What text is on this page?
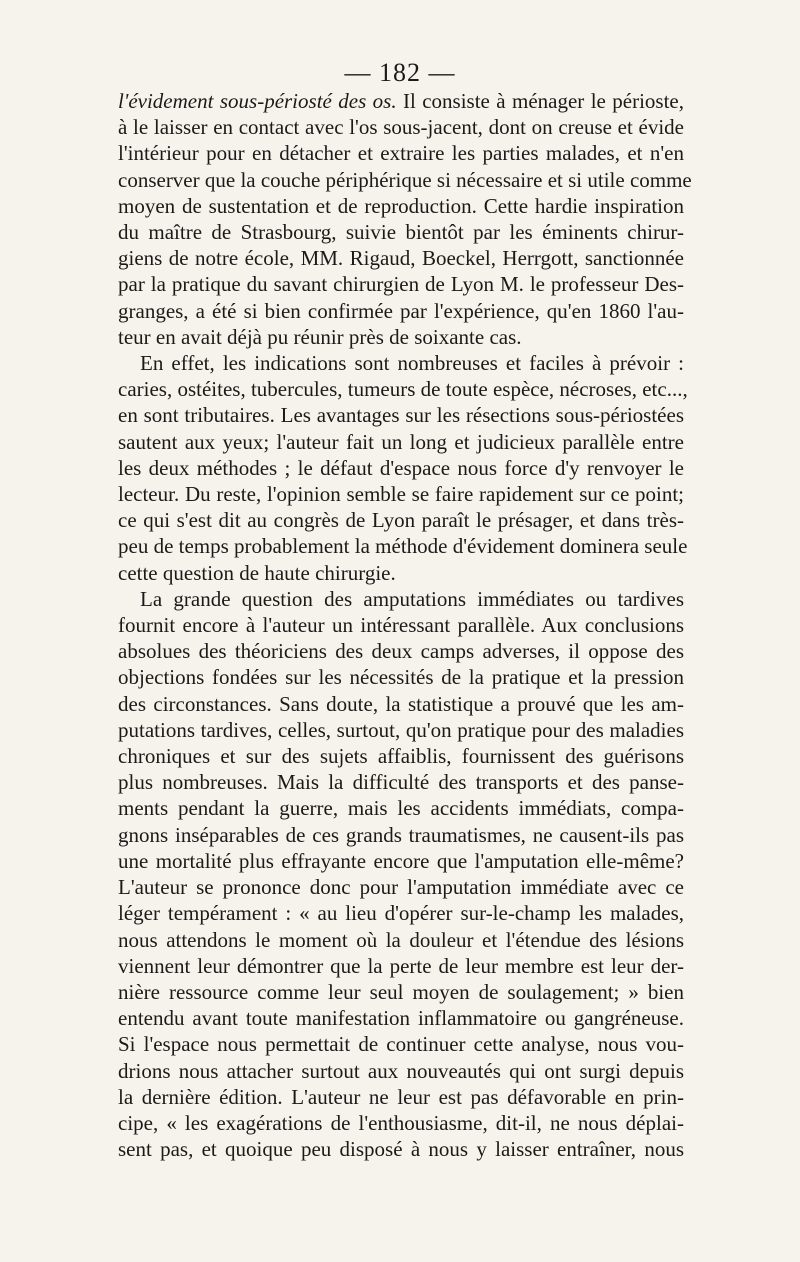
— 182 —

l'évidement sous-périosté des os. Il consiste à ménager le périoste,
à le laisser en contact avec l'os sous-jacent, dont on creuse et évide
l'intérieur pour en détacher et extraire les parties malades, et n'en
conserver que la couche périphérique si nécessaire et si utile comme
moyen de sustentation et de reproduction. Cette hardie inspiration
du maître de Strasbourg, suivie bientôt par les éminents chirur-
giens de notre école, MM. Rigaud, Boeckel, Herrgott, sanctionnée
par la pratique du savant chirurgien de Lyon M. le professeur Des-
granges, a été si bien confirmée par l'expérience, qu'en 1860 l'au-
teur en avait déjà pu réunir près de soixante cas.

En effet, les indications sont nombreuses et faciles à prévoir :
caries, ostéites, tubercules, tumeurs de toute espèce, nécroses, etc...,
en sont tributaires. Les avantages sur les résections sous-périostées
sautent aux yeux; l'auteur fait un long et judicieux parallèle entre
les deux méthodes ; le défaut d'espace nous force d'y renvoyer le
lecteur. Du reste, l'opinion semble se faire rapidement sur ce point;
ce qui s'est dit au congrès de Lyon paraît le présager, et dans très-
peu de temps probablement la méthode d'évidement dominera seule
cette question de haute chirurgie.

La grande question des amputations immédiates ou tardives
fournit encore à l'auteur un intéressant parallèle. Aux conclusions
absolues des théoriciens des deux camps adverses, il oppose des
objections fondées sur les nécessités de la pratique et la pression
des circonstances. Sans doute, la statistique a prouvé que les am-
putations tardives, celles, surtout, qu'on pratique pour des maladies
chroniques et sur des sujets affaiblis, fournissent des guérisons
plus nombreuses. Mais la difficulté des transports et des panse-
ments pendant la guerre, mais les accidents immédiats, compa-
gnons inséparables de ces grands traumatismes, ne causent-ils pas
une mortalité plus effrayante encore que l'amputation elle-même?
L'auteur se prononce donc pour l'amputation immédiate avec ce
léger tempérament : « au lieu d'opérer sur-le-champ les malades,
nous attendons le moment où la douleur et l'étendue des lésions
viennent leur démontrer que la perte de leur membre est leur der-
nière ressource comme leur seul moyen de soulagement; » bien
entendu avant toute manifestation inflammatoire ou gangréneuse.
Si l'espace nous permettait de continuer cette analyse, nous vou-
drions nous attacher surtout aux nouveautés qui ont surgi depuis
la dernière édition. L'auteur ne leur est pas défavorable en prin-
cipe, « les exagérations de l'enthousiasme, dit-il, ne nous déplai-
sent pas, et quoique peu disposé à nous y laisser entraîner, nous
